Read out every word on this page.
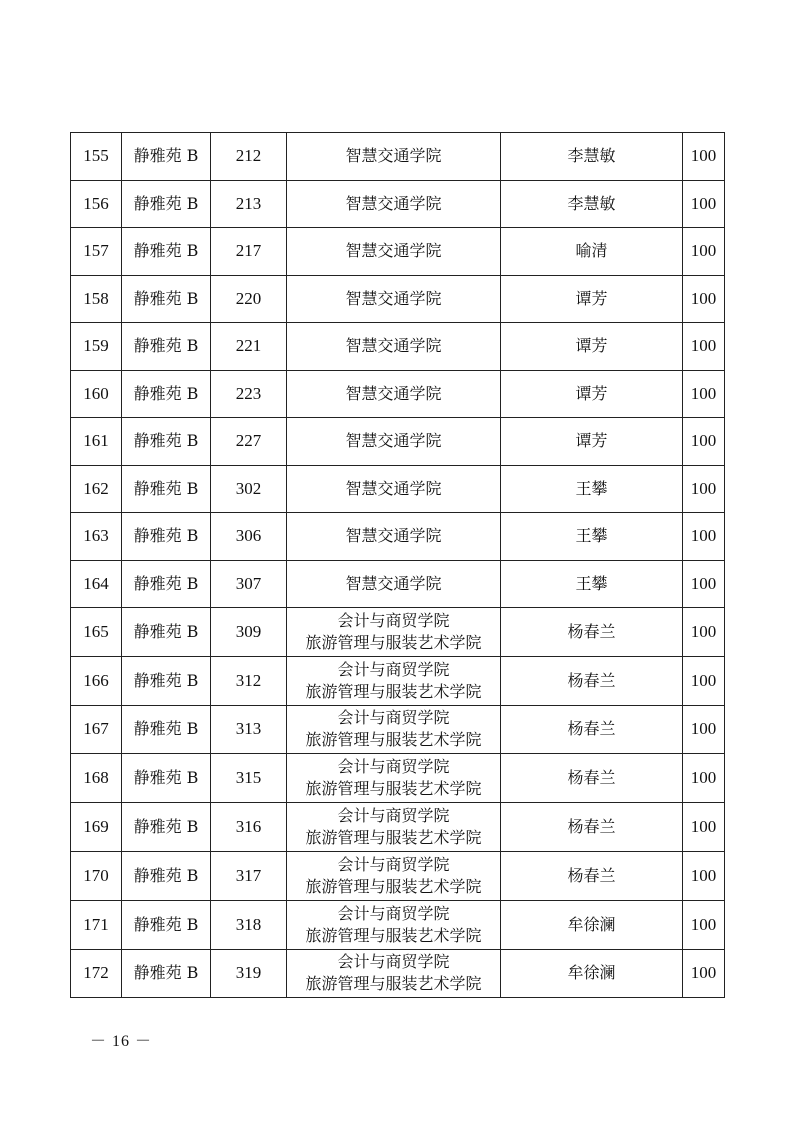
155	静雅苑 B	212	智慧交通学院	李慧敏	100
156	静雅苑 B	213	智慧交通学院	李慧敏	100
157	静雅苑 B	217	智慧交通学院	喻清	100
158	静雅苑 B	220	智慧交通学院	谭芳	100
159	静雅苑 B	221	智慧交通学院	谭芳	100
160	静雅苑 B	223	智慧交通学院	谭芳	100
161	静雅苑 B	227	智慧交通学院	谭芳	100
162	静雅苑 B	302	智慧交通学院	王攀	100
163	静雅苑 B	306	智慧交通学院	王攀	100
164	静雅苑 B	307	智慧交通学院	王攀	100
165	静雅苑 B	309	会计与商贸学院
旅游管理与服装艺术学院	杨春兰	100
166	静雅苑 B	312	会计与商贸学院
旅游管理与服装艺术学院	杨春兰	100
167	静雅苑 B	313	会计与商贸学院
旅游管理与服装艺术学院	杨春兰	100
168	静雅苑 B	315	会计与商贸学院
旅游管理与服装艺术学院	杨春兰	100
169	静雅苑 B	316	会计与商贸学院
旅游管理与服装艺术学院	杨春兰	100
170	静雅苑 B	317	会计与商贸学院
旅游管理与服装艺术学院	杨春兰	100
171	静雅苑 B	318	会计与商贸学院
旅游管理与服装艺术学院	牟徐澜	100
172	静雅苑 B	319	会计与商贸学院
旅游管理与服装艺术学院	牟徐澜	100
－ 16 －
